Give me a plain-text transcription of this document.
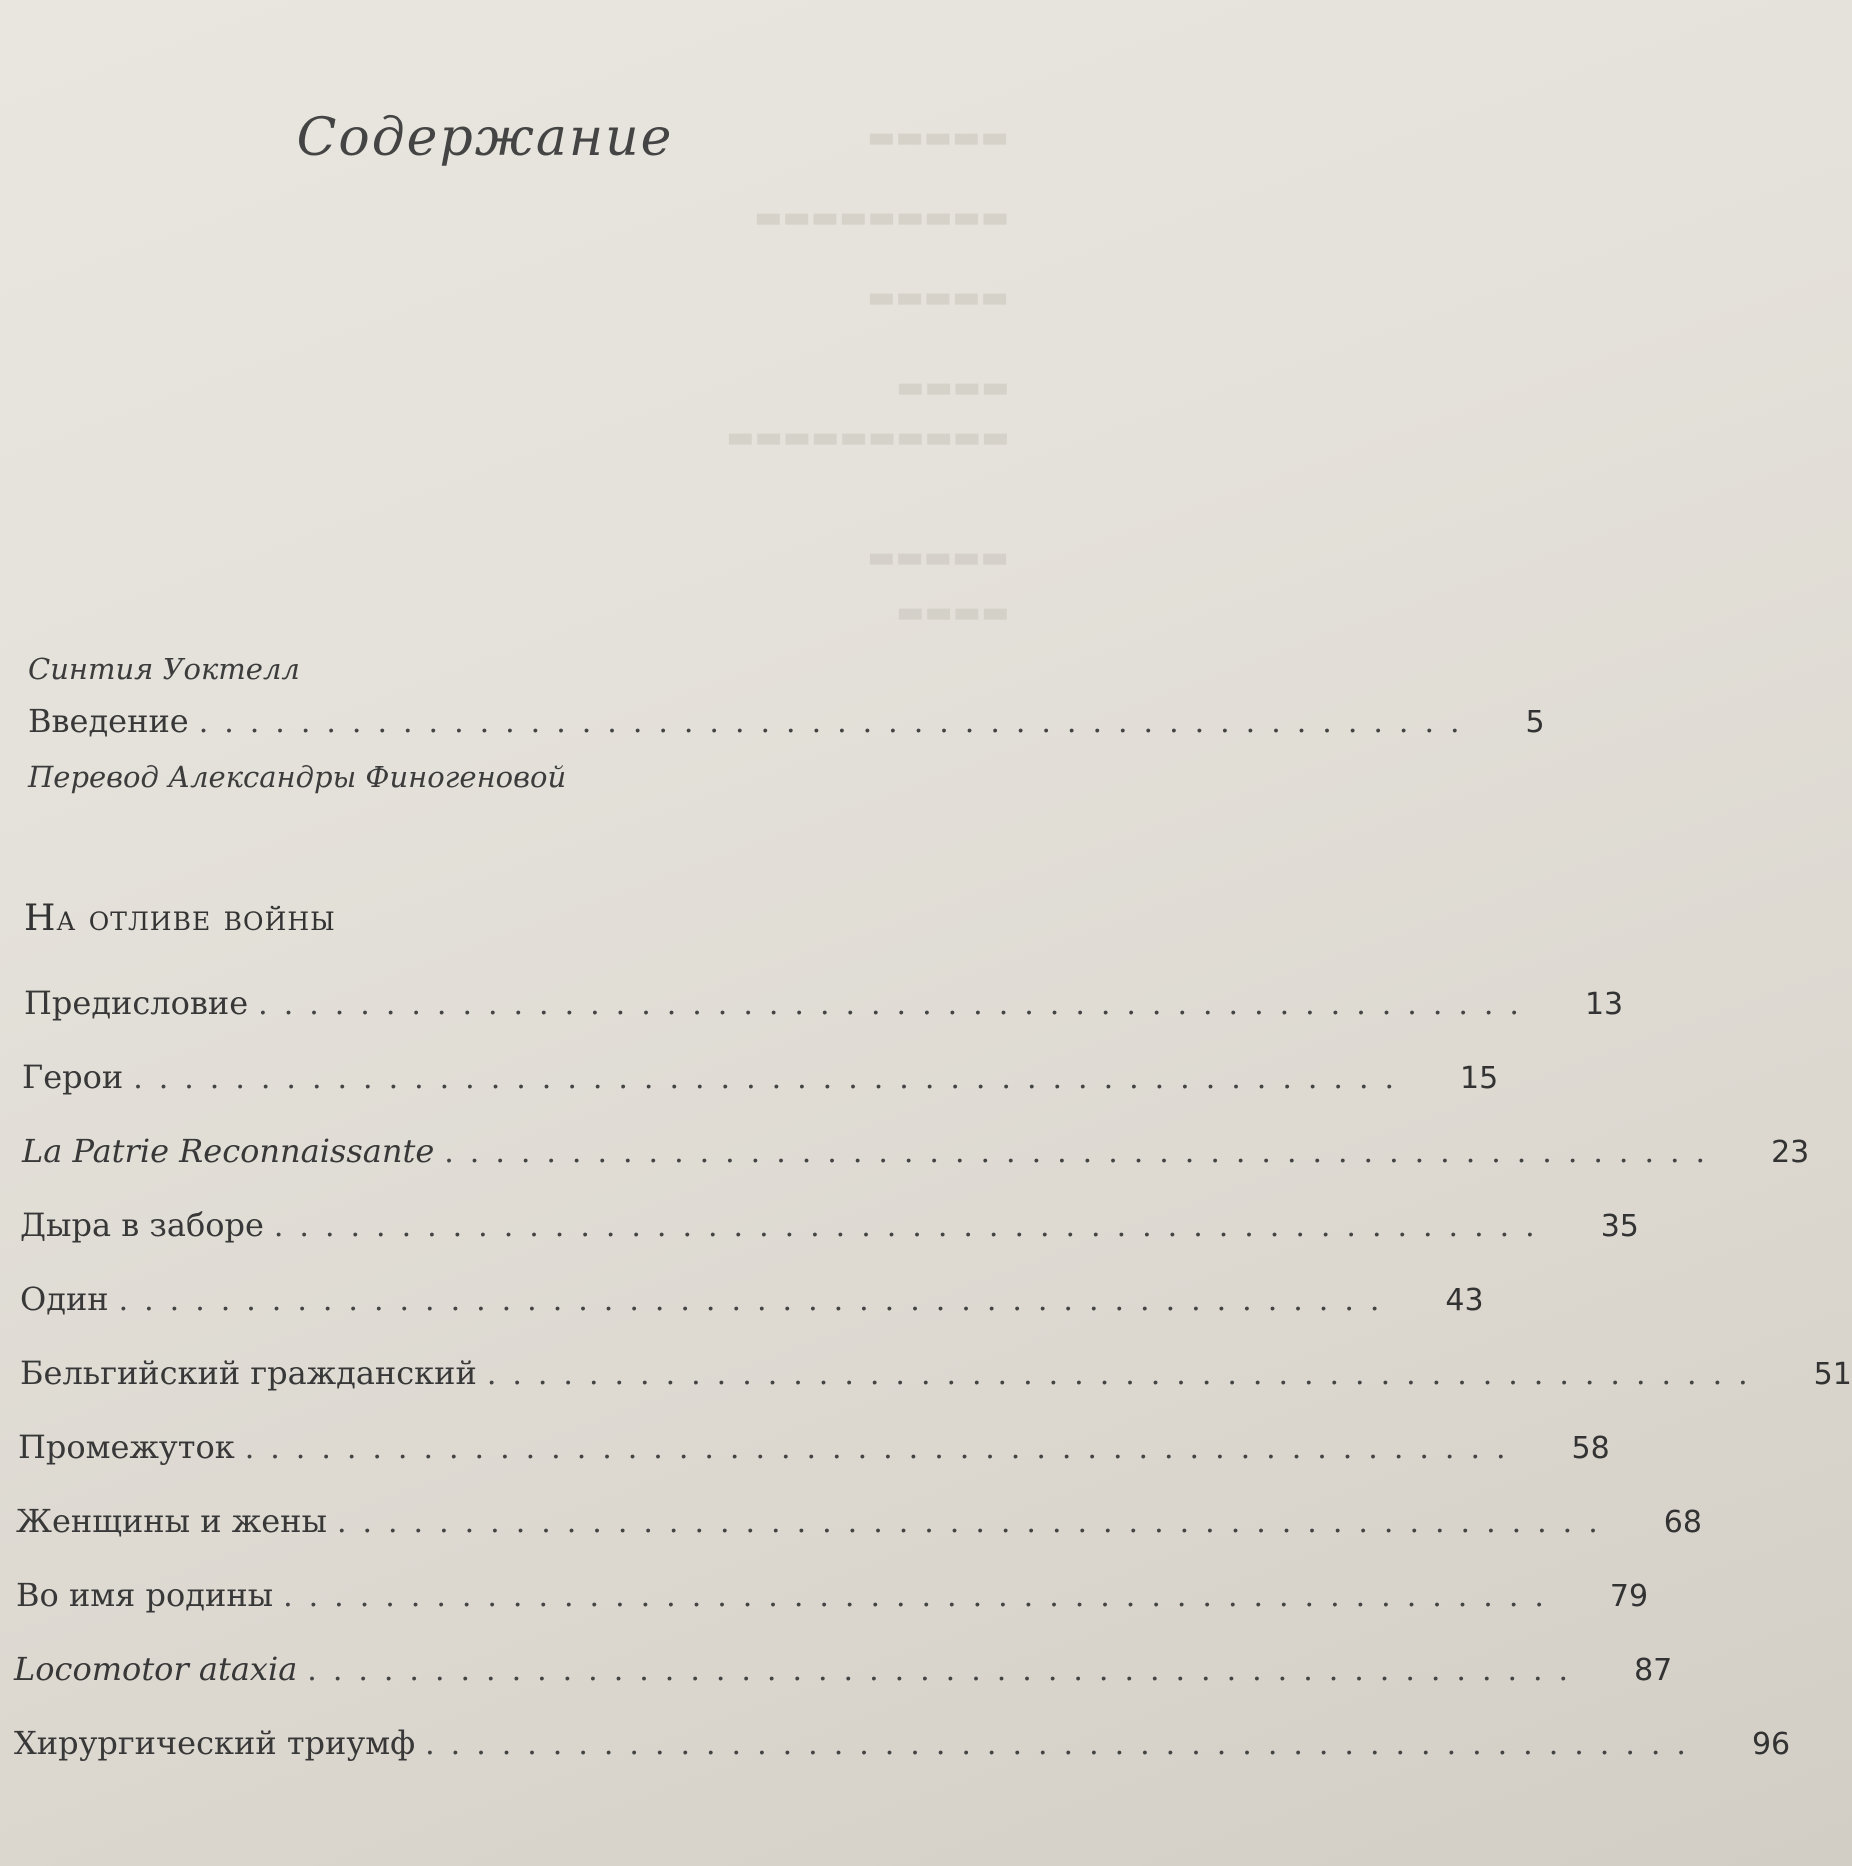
▬▬▬▬▬
▬▬▬▬▬▬▬▬▬
▬▬▬▬▬
▬▬▬▬
▬▬▬▬▬▬▬▬▬▬
▬▬▬▬▬
▬▬▬▬
Содержание
Синтия Уоктелл
Введение .................................................. 5
Перевод Александры Финогеновой
На отливе войны
Предисловие .................................................. 13
Герои .................................................. 15
La Patrie Reconnaissante .................................................. 23
Дыра в заборе .................................................. 35
Один .................................................. 43
Бельгийский гражданский .................................................. 51
Промежуток .................................................. 58
Женщины и жены .................................................. 68
Во имя родины .................................................. 79
Locomotor ataxia .................................................. 87
Хирургический триумф .................................................. 96
